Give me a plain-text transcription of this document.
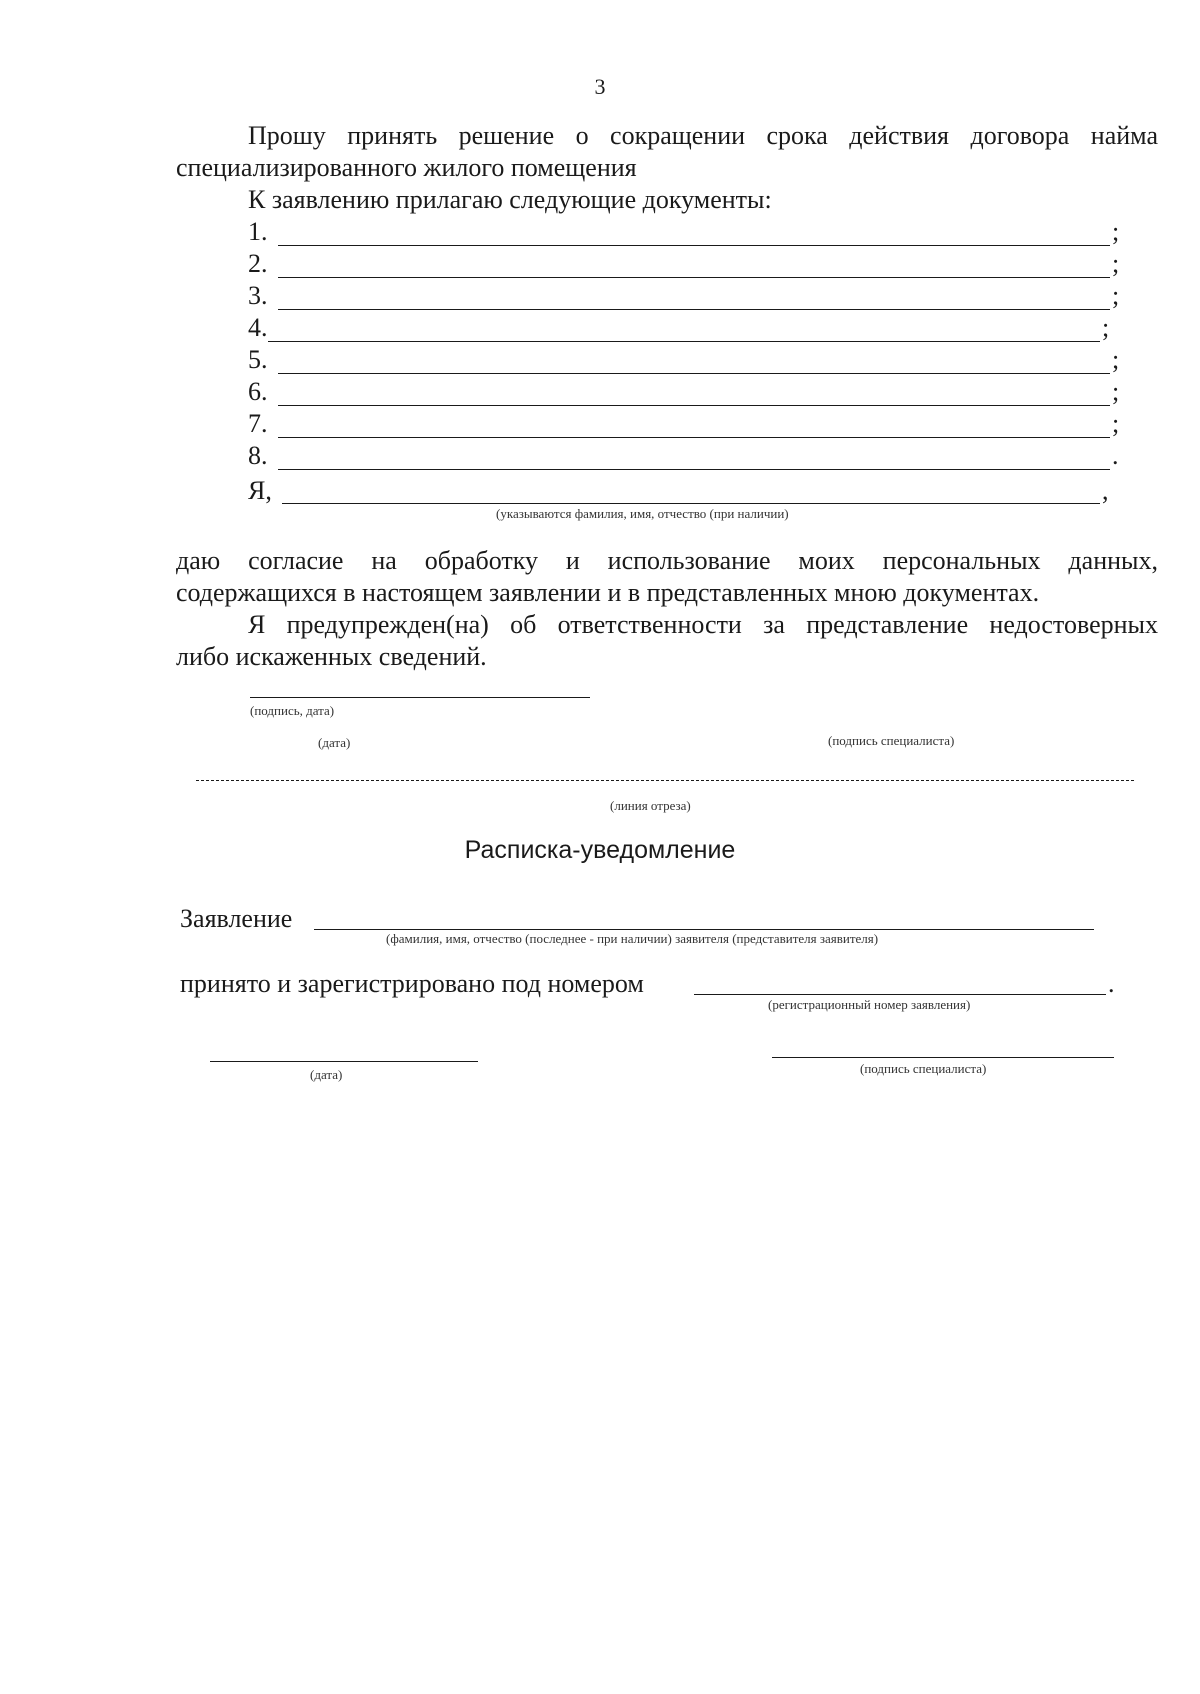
3
Прошу принять решение о сокращении срока действия договора найма
специализированного жилого помещения
К заявлению прилагаю следующие документы:
1.	;
2.	;
3.	;
4.	;
5.	;
6.	;
7.	;
8.	.
Я,	,
(указываются фамилия, имя, отчество (при наличии)
даю согласие на обработку и использование моих персональных данных,
содержащихся в настоящем заявлении и в представленных мною документах.
Я предупрежден(на) об ответственности за представление недостоверных
либо искаженных сведений.
(подпись, дата)
(дата)	(подпись специалиста)
(линия отреза)
Расписка-уведомление
Заявление
(фамилия, имя, отчество (последнее - при наличии) заявителя (представителя заявителя)
принято и зарегистрировано под номером	.
(регистрационный номер заявления)
(дата)	(подпись специалиста)
